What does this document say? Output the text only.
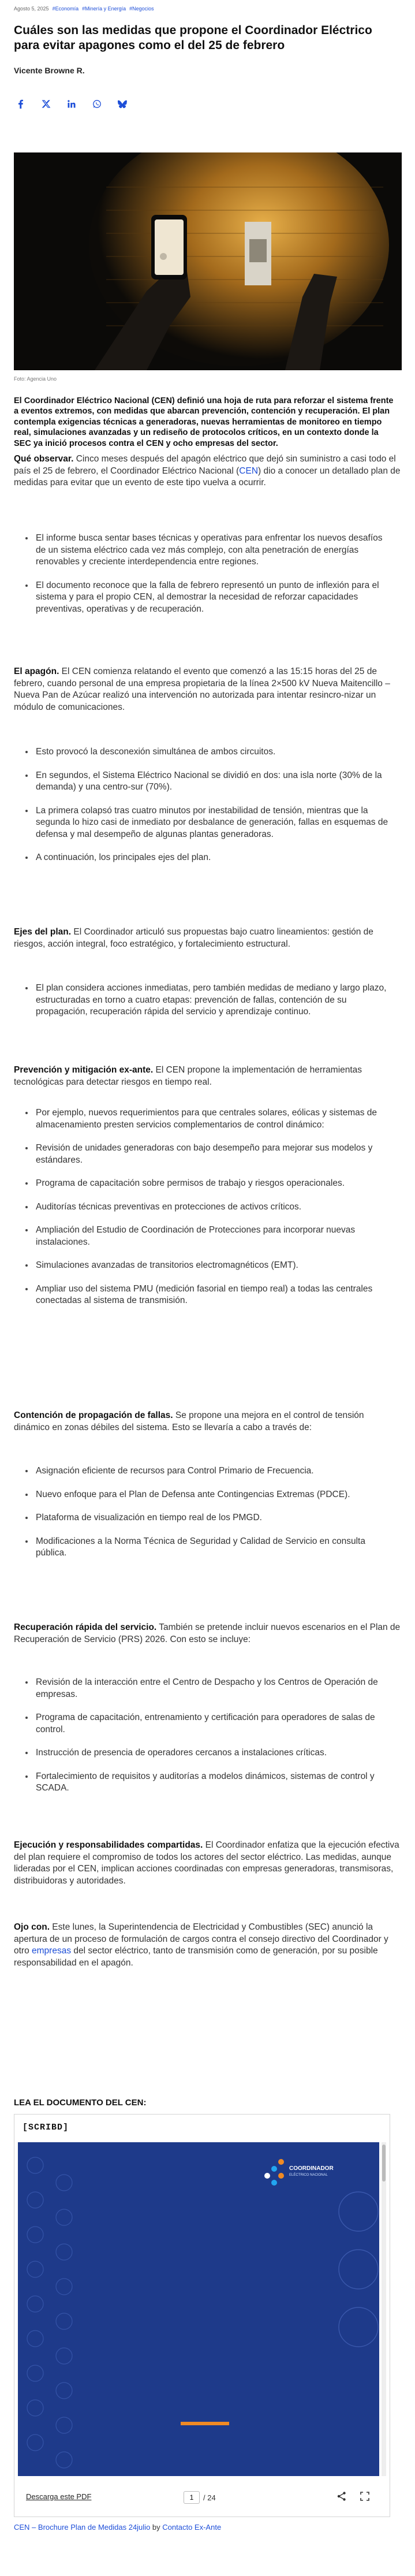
Agosto 5, 2025 #Economía #Minería y Energía #Negocios
Cuáles son las medidas que propone el Coordinador Eléctrico para evitar apagones como el del 25 de febrero
Vicente Browne R.
Foto: Agencia Uno

El Coordinador Eléctrico Nacional (CEN) definió una hoja de ruta para reforzar el sistema frente a eventos extremos, con medidas que abarcan prevención, contención y recuperación. El plan contempla exigencias técnicas a generadoras, nuevas herramientas de monitoreo en tiempo real, simulaciones avanzadas y un rediseño de protocolos críticos, en un contexto donde la SEC ya inició procesos contra el CEN y ocho empresas del sector.

Qué observar. Cinco meses después del apagón eléctrico que dejó sin suministro a casi todo el país el 25 de febrero, el Coordinador Eléctrico Nacional (CEN) dio a conocer un detallado plan de medidas para evitar que un evento de este tipo vuelva a ocurrir.

El informe busca sentar bases técnicas y operativas para enfrentar los nuevos desafíos de un sistema eléctrico cada vez más complejo, con alta penetración de energías renovables y creciente interdependencia entre regiones.
El documento reconoce que la falla de febrero representó un punto de inflexión para el sistema y para el propio CEN, al demostrar la necesidad de reforzar capacidades preventivas, operativas y de recuperación.

El apagón. El CEN comienza relatando el evento que comenzó a las 15:15 horas del 25 de febrero, cuando personal de una empresa propietaria de la línea 2×500 kV Nueva Maitencillo – Nueva Pan de Azúcar realizó una intervención no autorizada para intentar resincro-nizar un módulo de comunicaciones.

Esto provocó la desconexión simultánea de ambos circuitos.
En segundos, el Sistema Eléctrico Nacional se dividió en dos: una isla norte (30% de la demanda) y una centro-sur (70%).
La primera colapsó tras cuatro minutos por inestabilidad de tensión, mientras que la segunda lo hizo casi de inmediato por desbalance de generación, fallas en esquemas de defensa y mal desempeño de algunas plantas generadoras.
A continuación, los principales ejes del plan.

Ejes del plan. El Coordinador articuló sus propuestas bajo cuatro lineamientos: gestión de riesgos, acción integral, foco estratégico, y fortalecimiento estructural.

El plan considera acciones inmediatas, pero también medidas de mediano y largo plazo, estructuradas en torno a cuatro etapas: prevención de fallas, contención de su propagación, recuperación rápida del servicio y aprendizaje continuo.

Prevención y mitigación ex-ante. El CEN propone la implementación de herramientas tecnológicas para detectar riesgos en tiempo real.

Por ejemplo, nuevos requerimientos para que centrales solares, eólicas y sistemas de almacenamiento presten servicios complementarios de control dinámico:
Revisión de unidades generadoras con bajo desempeño para mejorar sus modelos y estándares.
Programa de capacitación sobre permisos de trabajo y riesgos operacionales.
Auditorías técnicas preventivas en protecciones de activos críticos.
Ampliación del Estudio de Coordinación de Protecciones para incorporar nuevas instalaciones.
Simulaciones avanzadas de transitorios electromagnéticos (EMT).
Ampliar uso del sistema PMU (medición fasorial en tiempo real) a todas las centrales conectadas al sistema de transmisión.

Contención de propagación de fallas. Se propone una mejora en el control de tensión dinámico en zonas débiles del sistema. Esto se llevaría a cabo a través de:

Asignación eficiente de recursos para Control Primario de Frecuencia.
Nuevo enfoque para el Plan de Defensa ante Contingencias Extremas (PDCE).
Plataforma de visualización en tiempo real de los PMGD.
Modificaciones a la Norma Técnica de Seguridad y Calidad de Servicio en consulta pública.

Recuperación rápida del servicio. También se pretende incluir nuevos escenarios en el Plan de Recuperación de Servicio (PRS) 2026. Con esto se incluye:

Revisión de la interacción entre el Centro de Despacho y los Centros de Operación de empresas.
Programa de capacitación, entrenamiento y certificación para operadores de salas de control.
Instrucción de presencia de operadores cercanos a instalaciones críticas.
Fortalecimiento de requisitos y auditorías a modelos dinámicos, sistemas de control y SCADA.

Ejecución y responsabilidades compartidas. El Coordinador enfatiza que la ejecución efectiva del plan requiere el compromiso de todos los actores del sector eléctrico. Las medidas, aunque lideradas por el CEN, implican acciones coordinadas con empresas generadoras, transmisoras, distribuidoras y autoridades.

Ojo con. Este lunes, la Superintendencia de Electricidad y Combustibles (SEC) anunció la apertura de un proceso de formulación de cargos contra el consejo directivo del Coordinador y otro empresas del sector eléctrico, tanto de transmisión como de generación, por su posible responsabilidad en el apagón.

LEA EL DOCUMENTO DEL CEN:
[SCRIBD]
COORDINADOR
ELÉCTRICO NACIONAL
Descarga este PDF
1	/ 24
CEN – Brochure Plan de Medidas 24julio by Contacto Ex-Ante
